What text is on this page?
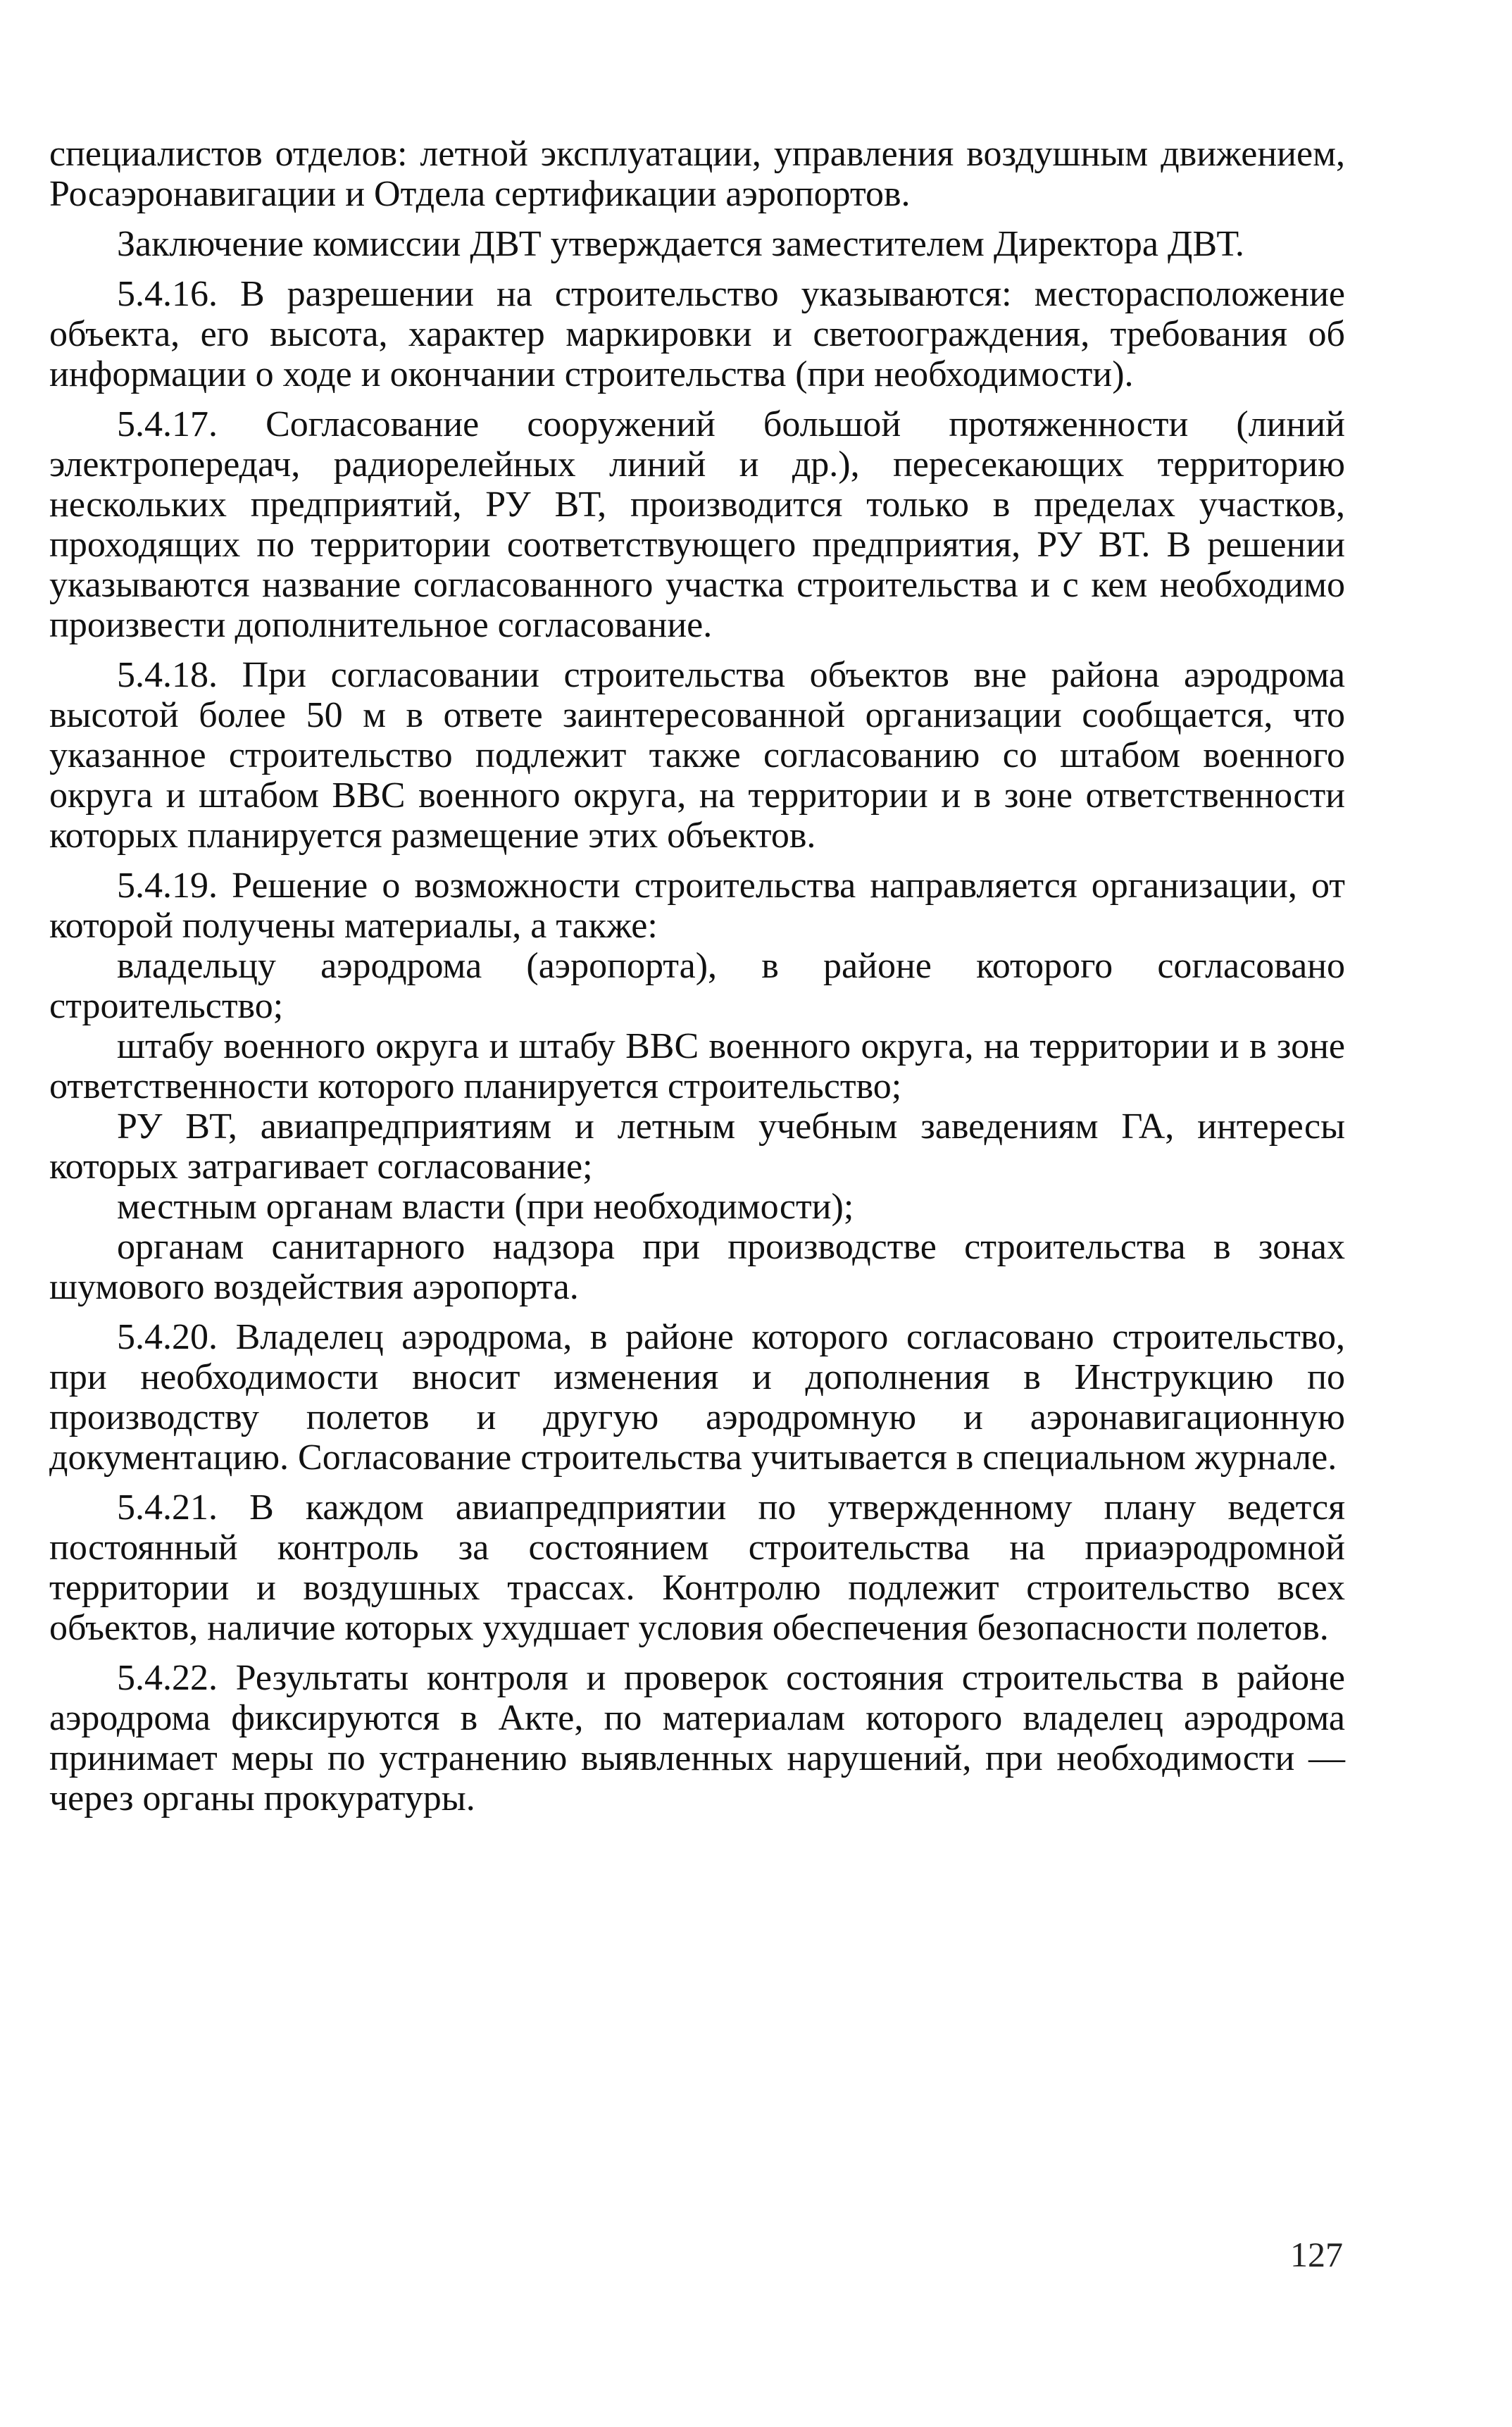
специалистов отделов: летной эксплуатации, управления воздушным движением, Росаэронавигации и Отдела сертификации аэропортов.

Заключение комиссии ДВТ утверждается заместителем Директора ДВТ.

5.4.16. В разрешении на строительство указываются: месторасположение объекта, его высота, характер маркировки и светоограждения, требования об информации о ходе и окончании строительства (при необходимости).

5.4.17. Согласование сооружений большой протяженности (линий электропередач, радиорелейных линий и др.), пересекающих территорию нескольких предприятий, РУ ВТ, производится только в пределах участков, проходящих по территории соответствующего предприятия, РУ ВТ. В решении указываются название согласованного участка строительства и с кем необходимо произвести дополнительное согласование.

5.4.18. При согласовании строительства объектов вне района аэродрома высотой более 50 м в ответе заинтересованной организации сообщается, что указанное строительство подлежит также согласованию со штабом военного округа и штабом ВВС военного округа, на территории и в зоне ответственности которых планируется размещение этих объектов.

5.4.19. Решение о возможности строительства направляется организации, от которой получены материалы, а также:

владельцу аэродрома (аэропорта), в районе которого согласовано строительство;

штабу военного округа и штабу ВВС военного округа, на территории и в зоне ответственности которого планируется строительство;

РУ ВТ, авиапредприятиям и летным учебным заведениям ГА, интересы которых затрагивает согласование;

местным органам власти (при необходимости);

органам санитарного надзора при производстве строительства в зонах шумового воздействия аэропорта.

5.4.20. Владелец аэродрома, в районе которого согласовано строительство, при необходимости вносит изменения и дополнения в Инструкцию по производству полетов и другую аэродромную и аэронавигационную документацию. Согласование строительства учитывается в специальном журнале.

5.4.21. В каждом авиапредприятии по утвержденному плану ведется постоянный контроль за состоянием строительства на приаэродромной территории и воздушных трассах. Контролю подлежит строительство всех объектов, наличие которых ухудшает условия обеспечения безопасности полетов.

5.4.22. Результаты контроля и проверок состояния строительства в районе аэродрома фиксируются в Акте, по материалам которого владелец аэродрома принимает меры по устранению выявленных нарушений, при необходимости — через органы прокуратуры.

127
